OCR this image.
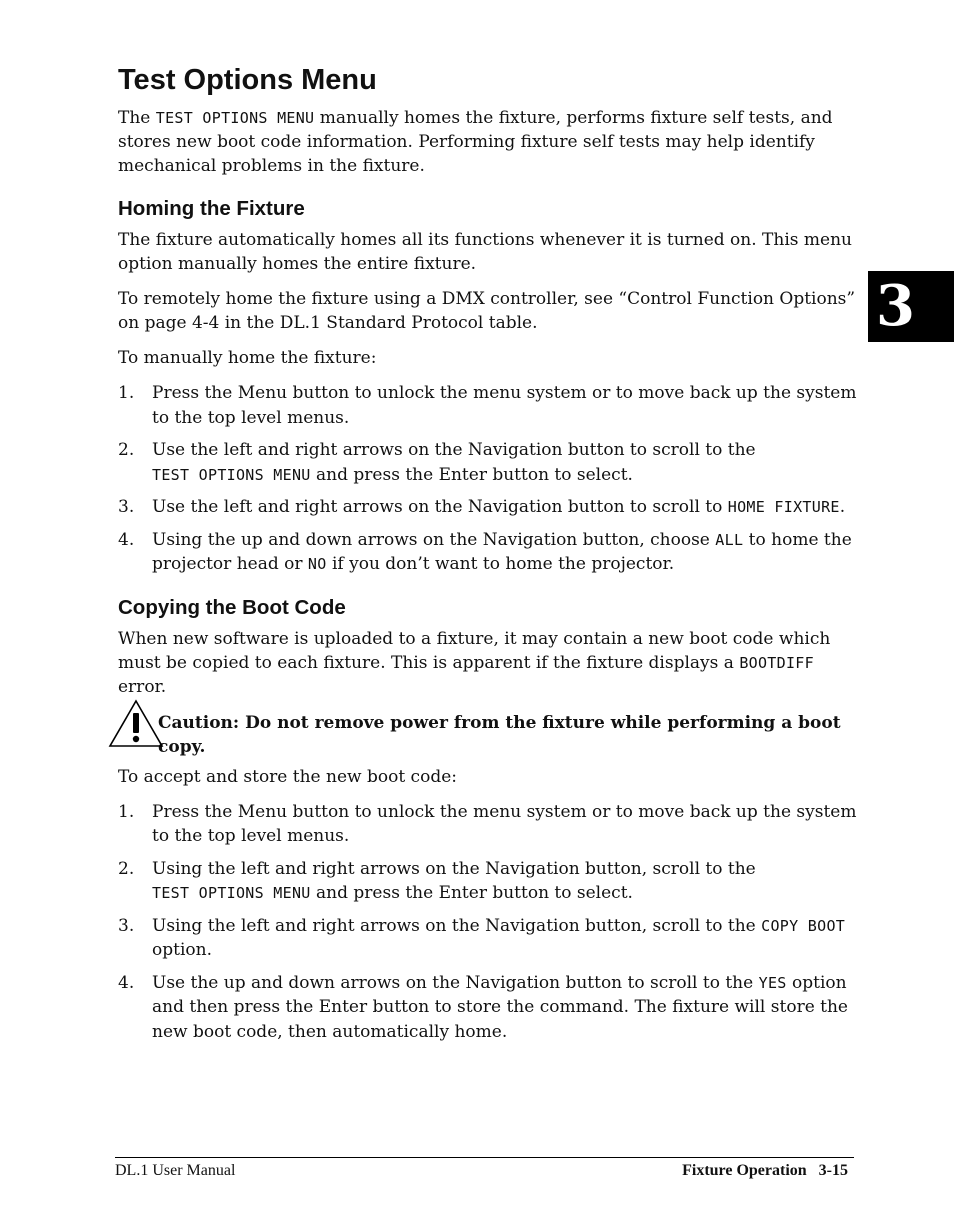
3
Test Options Menu

The TEST OPTIONS MENU manually homes the fixture, performs fixture self tests, and stores new boot code information. Performing fixture self tests may help identify mechanical problems in the fixture.

Homing the Fixture

The fixture automatically homes all its functions whenever it is turned on. This menu option manually homes the entire fixture.

To remotely home the fixture using a DMX controller, see “Control Function Options” on page 4-4 in the DL.1 Standard Protocol table.

To manually home the fixture:

1. Press the Menu button to unlock the menu system or to move back up the system to the top level menus.
2. Use the left and right arrows on the Navigation button to scroll to the
TEST OPTIONS MENU and press the Enter button to select.
3. Use the left and right arrows on the Navigation button to scroll to HOME FIXTURE.
4. Using the up and down arrows on the Navigation button, choose ALL to home the projector head or NO if you don’t want to home the projector.
Copying the Boot Code

When new software is uploaded to a fixture, it may contain a new boot code which must be copied to each fixture. This is apparent if the fixture displays a BOOTDIFF error.

Caution: Do not remove power from the fixture while performing a boot copy.

To accept and store the new boot code:

1. Press the Menu button to unlock the menu system or to move back up the system to the top level menus.
2. Using the left and right arrows on the Navigation button, scroll to the
TEST OPTIONS MENU and press the Enter button to select.
3. Using the left and right arrows on the Navigation button, scroll to the COPY BOOT
option.
4. Use the up and down arrows on the Navigation button to scroll to the YES option and then press the Enter button to store the command. The fixture will store the new boot code, then automatically home.
DL.1 User Manual	Fixture Operation   3-15
